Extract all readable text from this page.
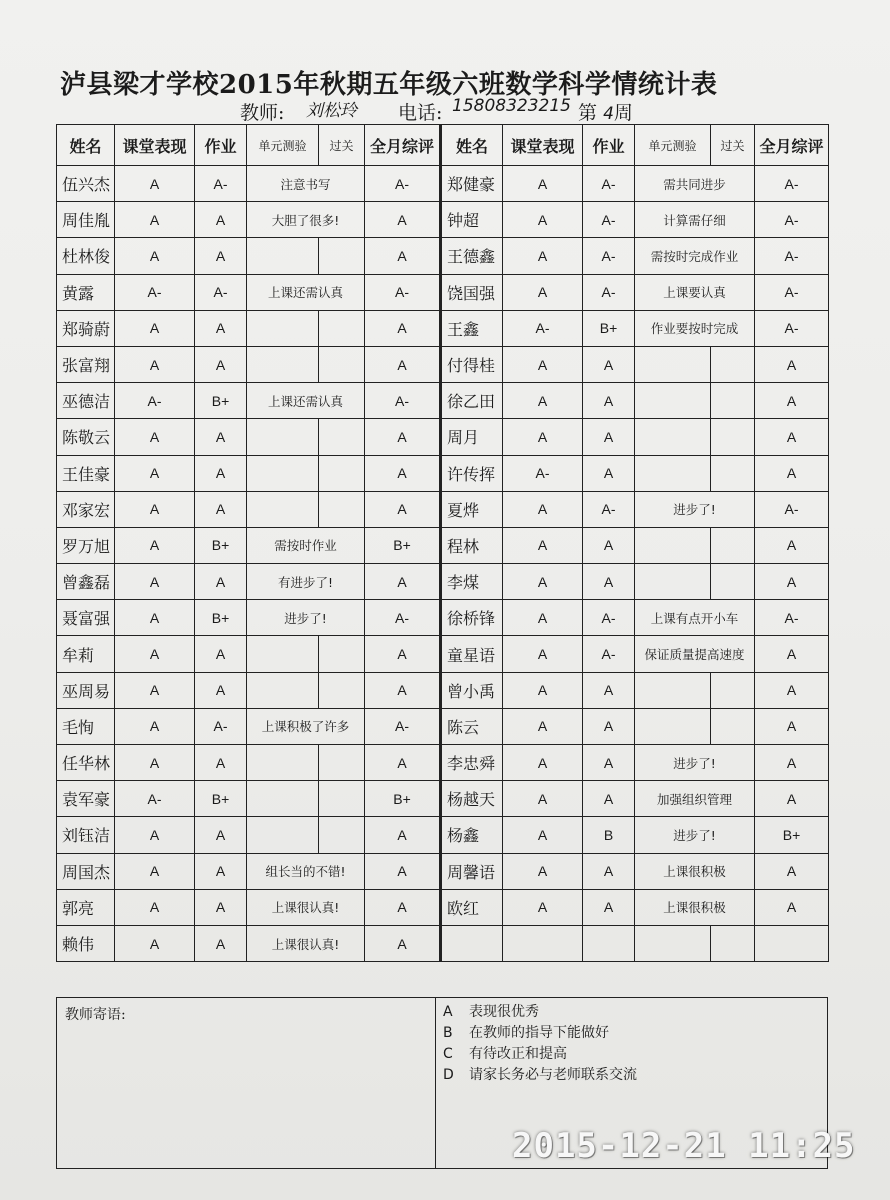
泸县梁才学校2015年秋期五年级六班数学科学情统计表
教师: 刘松玲 电话: 15808323215 第 4周
姓名	课堂表现	作业	单元测验	过关	全月综评	姓名	课堂表现	作业	单元测验	过关	全月综评
伍兴杰	A	A-	注意书写		A-	郑健豪	A	A-	需共同进步		A-
周佳胤	A	A	大胆了很多!		A	钟超	A	A-	计算需仔细		A-
杜林俊	A	A			A	王德鑫	A	A-	需按时完成作业		A-
黄露	A-	A-	上课还需认真		A-	饶国强	A	A-	上课要认真		A-
郑骑蔚	A	A			A	王鑫	A-	B+	作业要按时完成		A-
张富翔	A	A			A	付得桂	A	A			A
巫德洁	A-	B+	上课还需认真		A-	徐乙田	A	A			A
陈敬云	A	A			A	周月	A	A			A
王佳豪	A	A			A	许传挥	A-	A			A
邓家宏	A	A			A	夏烨	A	A-	进步了!		A-
罗万旭	A	B+	需按时作业		B+	程林	A	A			A
曾鑫磊	A	A	有进步了!		A	李煤	A	A			A
聂富强	A	B+	进步了!		A-	徐桥锋	A	A-	上课有点开小车		A-
牟莉	A	A			A	童星语	A	A-	保证质量提高速度		A
巫周易	A	A			A	曾小禹	A	A			A
毛恂	A	A-	上课积极了许多		A-	陈云	A	A			A
任华林	A	A			A	李忠舜	A	A	进步了!		A
袁军豪	A-	B+			B+	杨越天	A	A	加强组织管理		A
刘钰洁	A	A			A	杨鑫	A	B	进步了!		B+
周国杰	A	A	组长当的不错!		A	周馨语	A	A	上课很积极		A
郭亮	A	A	上课很认真!		A	欧红	A	A	上课很积极		A
赖伟	A	A	上课很认真!		A						
教师寄语:	A 表现很优秀
B 在教师的指导下能做好
C 有待改正和提高
D 请家长务必与老师联系交流
2015-12-21 11:25
